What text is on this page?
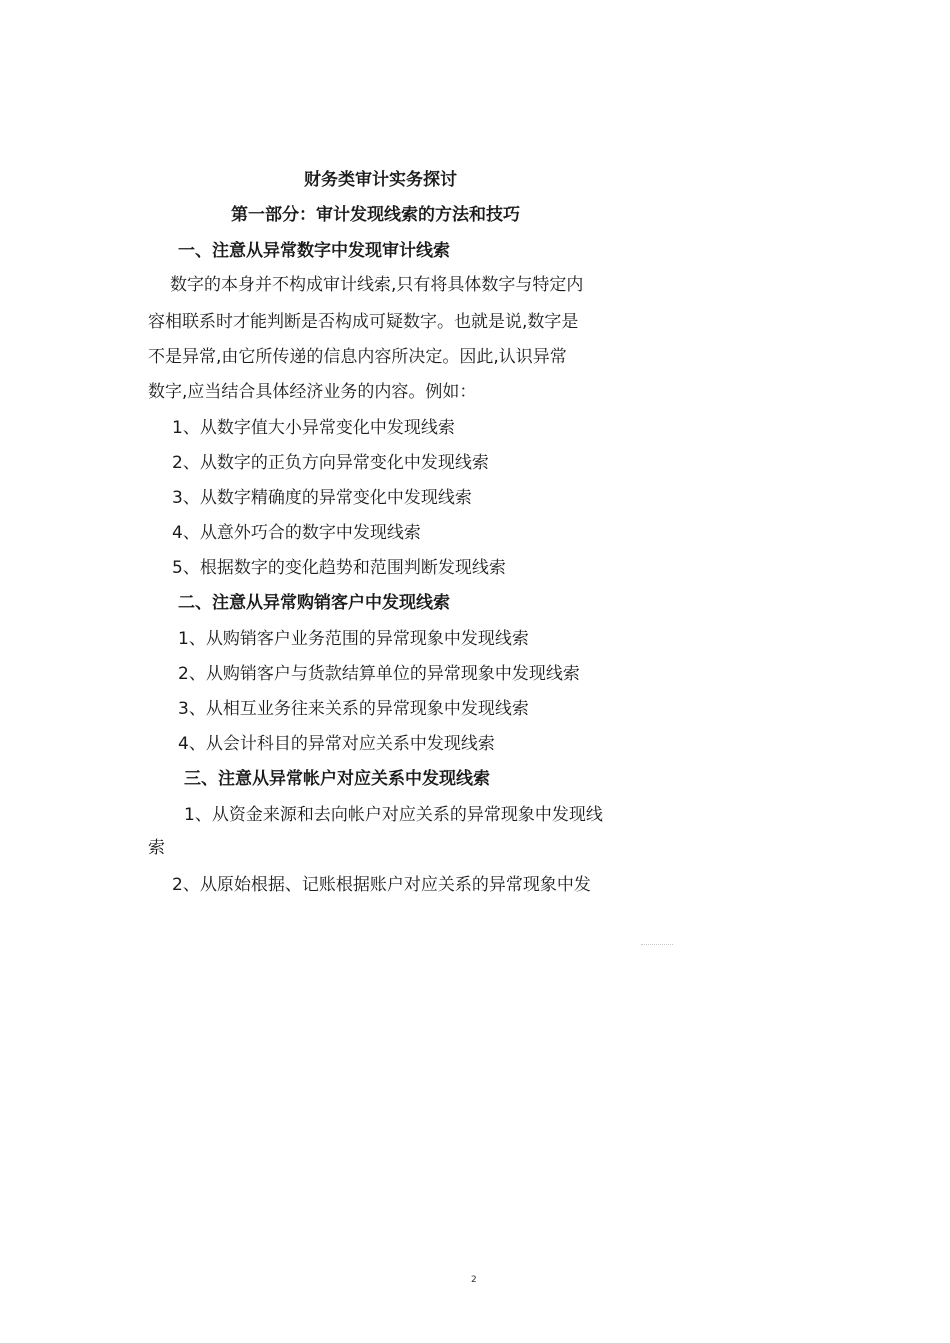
财务类审计实务探讨
第一部分：审计发现线索的方法和技巧
一、注意从异常数字中发现审计线索
数字的本身并不构成审计线索,只有将具体数字与特定内
容相联系时才能判断是否构成可疑数字。也就是说,数字是
不是异常,由它所传递的信息内容所决定。因此,认识异常
数字,应当结合具体经济业务的内容。例如：
1、从数字值大小异常变化中发现线索
2、从数字的正负方向异常变化中发现线索
3、从数字精确度的异常变化中发现线索
4、从意外巧合的数字中发现线索
5、根据数字的变化趋势和范围判断发现线索
二、注意从异常购销客户中发现线索
1、从购销客户业务范围的异常现象中发现线索
2、从购销客户与货款结算单位的异常现象中发现线索
3、从相互业务往来关系的异常现象中发现线索
4、从会计科目的异常对应关系中发现线索
三、注意从异常帐户对应关系中发现线索
1、从资金来源和去向帐户对应关系的异常现象中发现线
索
2、从原始根据、记账根据账户对应关系的异常现象中发
2
